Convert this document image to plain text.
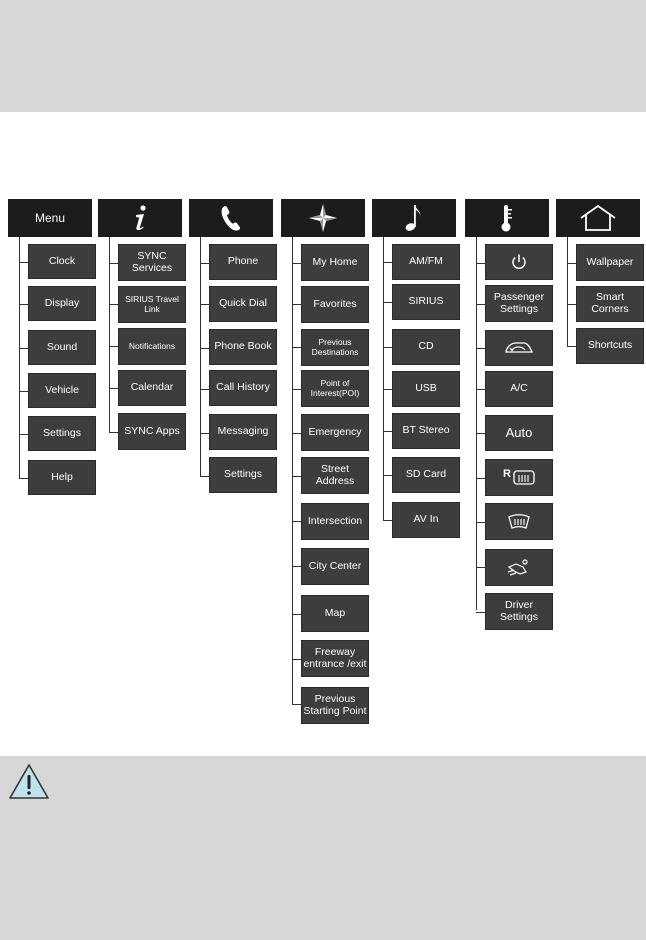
Menu
Clock
Display
Sound
Vehicle
Settings
Help
SYNC Services
SIRIUS Travel Link
Notifications
Calendar
SYNC Apps
Phone
Quick Dial
Phone Book
Call History
Messaging
Settings
My Home
Favorites
Previous Destinations
Point of Interest(POI)
Emergency
Street Address
Intersection
City Center
Map
Freeway entrance /exit
Previous Starting Point
AM/FM
SIRIUS
CD
USB
BT Stereo
SD Card
AV In
Passenger Settings
A/C
Auto
R
Driver Settings
Wallpaper
Smart Corners
Shortcuts
